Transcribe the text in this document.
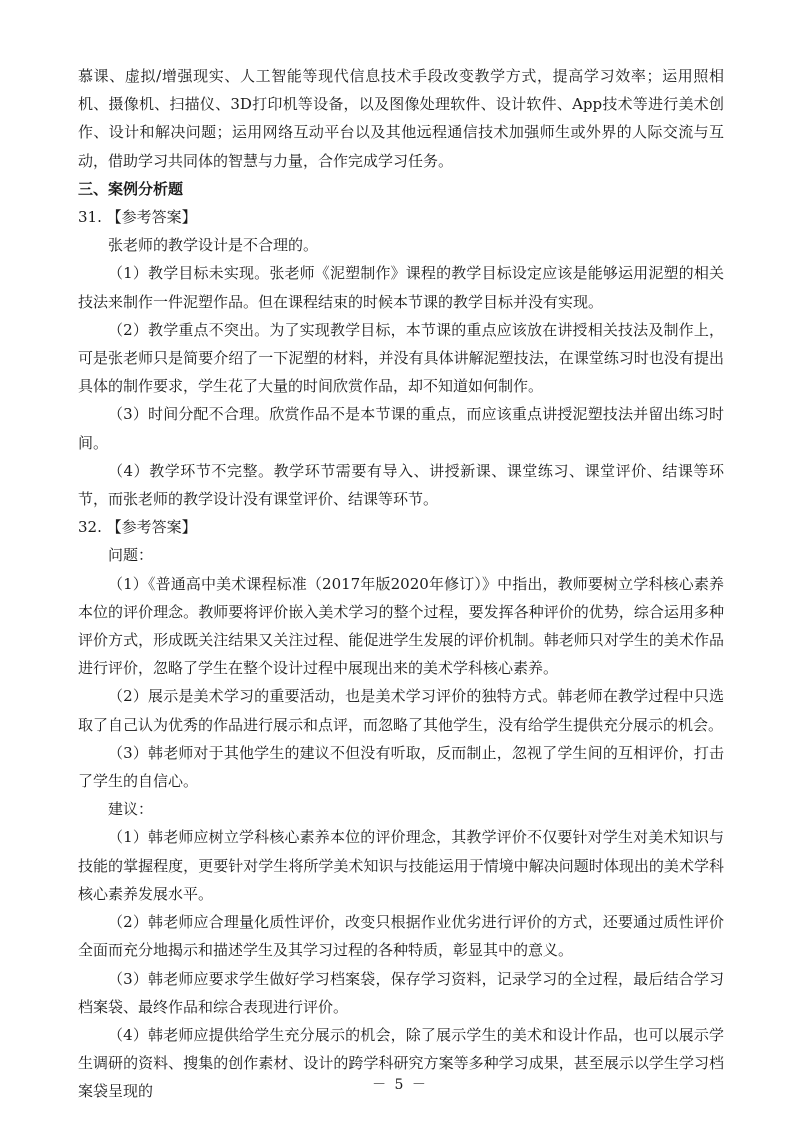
慕课、虚拟/增强现实、人工智能等现代信息技术手段改变教学方式，提高学习效率；运用照相机、摄像机、扫描仪、3D打印机等设备，以及图像处理软件、设计软件、App技术等进行美术创作、设计和解决问题；运用网络互动平台以及其他远程通信技术加强师生或外界的人际交流与互动，借助学习共同体的智慧与力量，合作完成学习任务。

三、案例分析题

31. 【参考答案】

张老师的教学设计是不合理的。

（1）教学目标未实现。张老师《泥塑制作》课程的教学目标设定应该是能够运用泥塑的相关技法来制作一件泥塑作品。但在课程结束的时候本节课的教学目标并没有实现。

（2）教学重点不突出。为了实现教学目标，本节课的重点应该放在讲授相关技法及制作上，可是张老师只是简要介绍了一下泥塑的材料，并没有具体讲解泥塑技法，在课堂练习时也没有提出具体的制作要求，学生花了大量的时间欣赏作品，却不知道如何制作。

（3）时间分配不合理。欣赏作品不是本节课的重点，而应该重点讲授泥塑技法并留出练习时间。

（4）教学环节不完整。教学环节需要有导入、讲授新课、课堂练习、课堂评价、结课等环节，而张老师的教学设计没有课堂评价、结课等环节。

32. 【参考答案】

问题：

（1）《普通高中美术课程标准（2017年版2020年修订）》中指出，教师要树立学科核心素养本位的评价理念。教师要将评价嵌入美术学习的整个过程，要发挥各种评价的优势，综合运用多种评价方式，形成既关注结果又关注过程、能促进学生发展的评价机制。韩老师只对学生的美术作品进行评价，忽略了学生在整个设计过程中展现出来的美术学科核心素养。

（2）展示是美术学习的重要活动，也是美术学习评价的独特方式。韩老师在教学过程中只选取了自己认为优秀的作品进行展示和点评，而忽略了其他学生，没有给学生提供充分展示的机会。

（3）韩老师对于其他学生的建议不但没有听取，反而制止，忽视了学生间的互相评价，打击了学生的自信心。

建议：

（1）韩老师应树立学科核心素养本位的评价理念，其教学评价不仅要针对学生对美术知识与技能的掌握程度，更要针对学生将所学美术知识与技能运用于情境中解决问题时体现出的美术学科核心素养发展水平。

（2）韩老师应合理量化质性评价，改变只根据作业优劣进行评价的方式，还要通过质性评价全面而充分地揭示和描述学生及其学习过程的各种特质，彰显其中的意义。

（3）韩老师应要求学生做好学习档案袋，保存学习资料，记录学习的全过程，最后结合学习档案袋、最终作品和综合表现进行评价。

（4）韩老师应提供给学生充分展示的机会，除了展示学生的美术和设计作品，也可以展示学生调研的资料、搜集的创作素材、设计的跨学科研究方案等多种学习成果，甚至展示以学生学习档案袋呈现的	－ 5 －
